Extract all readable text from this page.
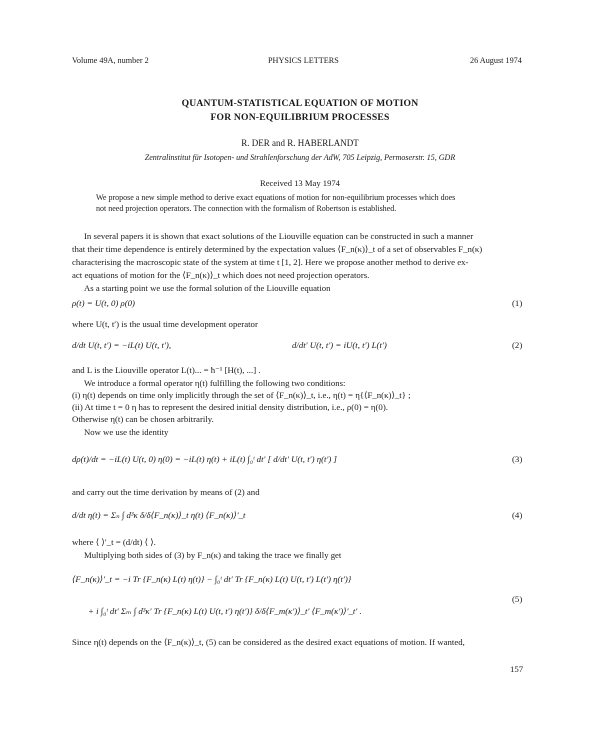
Volume 49A, number 2	PHYSICS LETTERS	26 August 1974
QUANTUM-STATISTICAL EQUATION OF MOTION
FOR NON-EQUILIBRIUM PROCESSES
R. DER and R. HABERLANDT
Zentralinstitut für Isotopen- und Strahlenforschung der AdW, 705 Leipzig, Permoserstr. 15, GDR
Received 13 May 1974
We propose a new simple method to derive exact equations of motion for non-equilibrium processes which does
not need projection operators. The connection with the formalism of Robertson is established.

In several papers it is shown that exact solutions of the Liouville equation can be constructed in such a manner

that their time dependence is entirely determined by the expectation values ⟨F_n(κ)⟩_t of a set of observables F_n(κ)
characterising the macroscopic state of the system at time t [1, 2]. Here we propose another method to derive ex-
act equations of motion for the ⟨F_n(κ)⟩_t which does not need projection operators.
As a starting point we use the formal solution of the Liouville equation
ρ(t) = U(t, 0) ρ(0)	(1)
where U(t, t′) is the usual time development operator
d/dt U(t, t′) = −iL(t) U(t, t′),	d/dt′ U(t, t′) = iU(t, t′) L(t′)	(2)
and L is the Liouville operator L(t)... = ħ⁻¹ [H(t), ...] .
We introduce a formal operator η(t) fulfilling the following two conditions:
(i) η(t) depends on time only implicitly through the set of ⟨F_n(κ)⟩_t, i.e., η(t) = η{⟨F_n(κ)⟩_t} ;
(ii) At time t = 0 η has to represent the desired initial density distribution, i.e., ρ(0) = η(0).
Otherwise η(t) can be chosen arbitrarily.
Now we use the identity
dρ(t)/dt = −iL(t) U(t, 0) η(0) = −iL(t) η(t) + iL(t) ∫₀ᵗ dt′ [ d/dt′ U(t, t′) η(t′) ]	(3)
and carry out the time derivation by means of (2) and
d/dt η(t) = Σₙ ∫ d³κ δ/δ⟨F_n(κ)⟩_t η(t) ⟨F_n(κ)⟩′_t	(4)
where ⟨ ⟩′_t = (d/dt) ⟨ ⟩.
Multiplying both sides of (3) by F_n(κ) and taking the trace we finally get
⟨F_n(κ)⟩′_t = −i Tr {F_n(κ) L(t) η(t)} − ∫₀ᵗ dt′ Tr {F_n(κ) L(t) U(t, t′) L(t′) η(t′)}
+ i ∫₀ᵗ dt′ Σₘ ∫ d³κ′ Tr {F_n(κ) L(t) U(t, t′) η(t′)} δ/δ⟨F_m(κ′)⟩_t′ ⟨F_m(κ′)⟩′_t′ .
(5)
Since η(t) depends on the ⟨F_n(κ)⟩_t, (5) can be considered as the desired exact equations of motion. If wanted,
157
